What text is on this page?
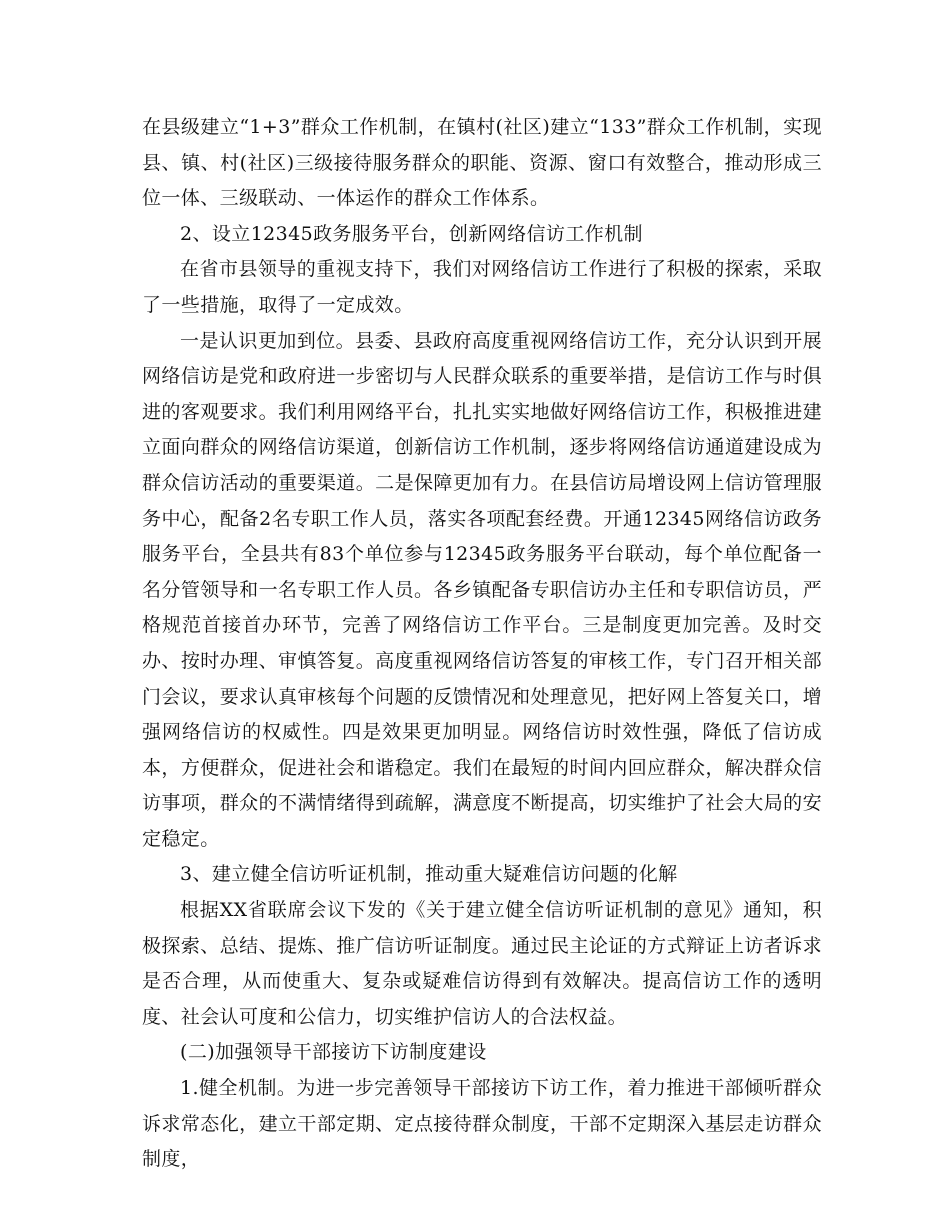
在县级建立“1+3”群众工作机制，在镇村(社区)建立“133”群众工作机制，实现县、镇、村(社区)三级接待服务群众的职能、资源、窗口有效整合，推动形成三位一体、三级联动、一体运作的群众工作体系。

2、设立12345政务服务平台，创新网络信访工作机制

在省市县领导的重视支持下，我们对网络信访工作进行了积极的探索，采取了一些措施，取得了一定成效。

一是认识更加到位。县委、县政府高度重视网络信访工作，充分认识到开展网络信访是党和政府进一步密切与人民群众联系的重要举措，是信访工作与时俱进的客观要求。我们利用网络平台，扎扎实实地做好网络信访工作，积极推进建立面向群众的网络信访渠道，创新信访工作机制，逐步将网络信访通道建设成为群众信访活动的重要渠道。二是保障更加有力。在县信访局增设网上信访管理服务中心，配备2名专职工作人员，落实各项配套经费。开通12345网络信访政务服务平台，全县共有83个单位参与12345政务服务平台联动，每个单位配备一名分管领导和一名专职工作人员。各乡镇配备专职信访办主任和专职信访员，严格规范首接首办环节，完善了网络信访工作平台。三是制度更加完善。及时交办、按时办理、审慎答复。高度重视网络信访答复的审核工作，专门召开相关部门会议，要求认真审核每个问题的反馈情况和处理意见，把好网上答复关口，增强网络信访的权威性。四是效果更加明显。网络信访时效性强，降低了信访成本，方便群众，促进社会和谐稳定。我们在最短的时间内回应群众，解决群众信访事项，群众的不满情绪得到疏解，满意度不断提高，切实维护了社会大局的安定稳定。

3、建立健全信访听证机制，推动重大疑难信访问题的化解

根据XX省联席会议下发的《关于建立健全信访听证机制的意见》通知，积极探索、总结、提炼、推广信访听证制度。通过民主论证的方式辩证上访者诉求是否合理，从而使重大、复杂或疑难信访得到有效解决。提高信访工作的透明度、社会认可度和公信力，切实维护信访人的合法权益。

(二)加强领导干部接访下访制度建设

1.健全机制。为进一步完善领导干部接访下访工作，着力推进干部倾听群众诉求常态化，建立干部定期、定点接待群众制度，干部不定期深入基层走访群众制度，
